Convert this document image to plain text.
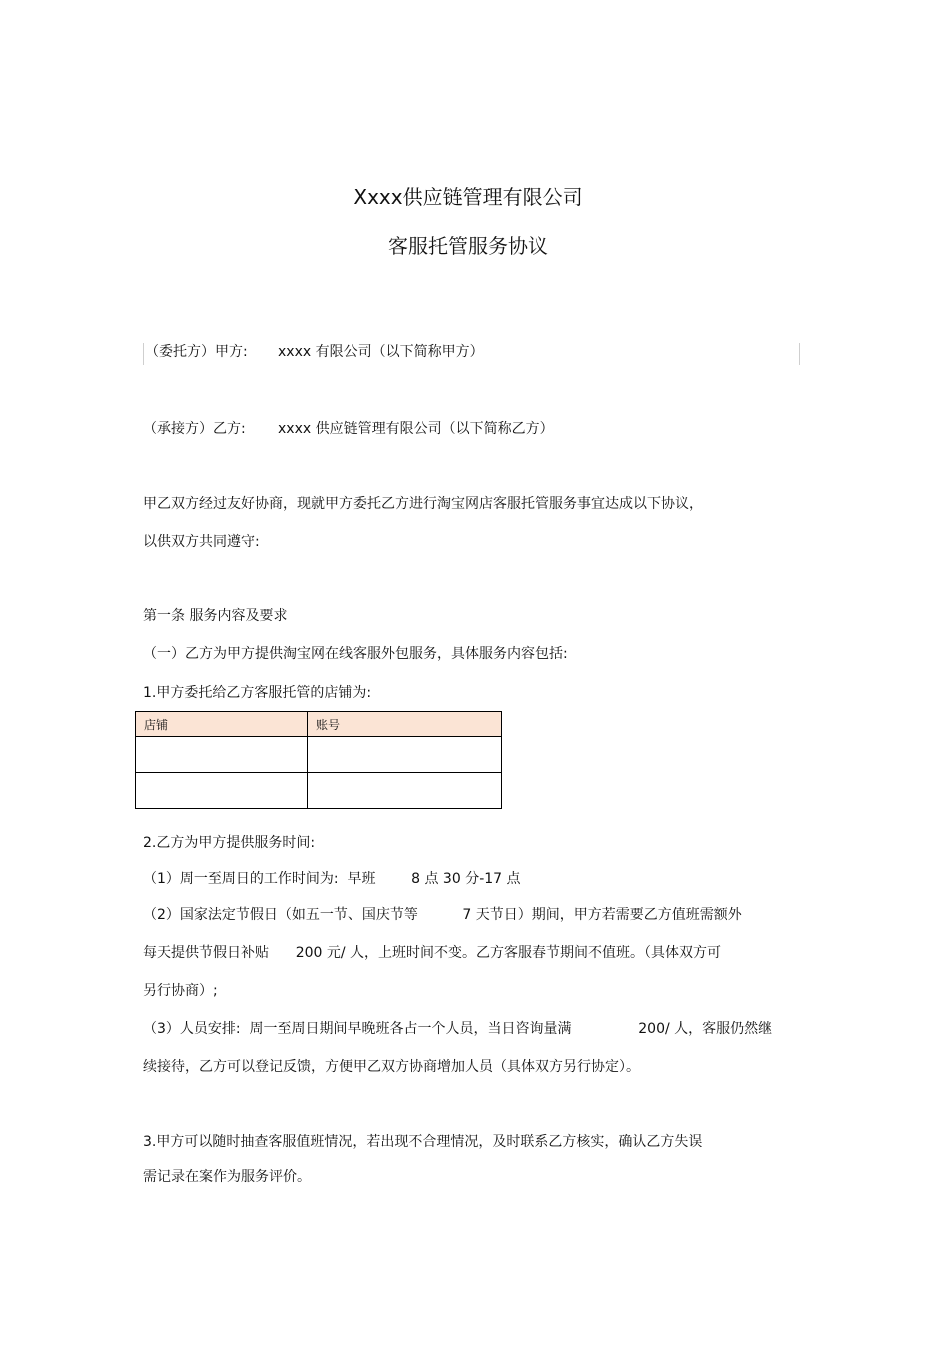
Xxxx供应链管理有限公司
客服托管服务协议
（委托方）甲方: xxxx 有限公司（以下简称甲方）
（承接方）乙方: xxxx 供应链管理有限公司（以下简称乙方）
甲乙双方经过友好协商，现就甲方委托乙方进行淘宝网店客服托管服务事宜达成以下协议，
以供双方共同遵守:
第一条 服务内容及要求
（一）乙方为甲方提供淘宝网在线客服外包服务，具体服务内容包括:
1.甲方委托给乙方客服托管的店铺为:
店铺	账号

2.乙方为甲方提供服务时间:
（1）周一至周日的工作时间为:  早班        8 点 30 分-17 点
（2）国家法定节假日（如五一节、国庆节等          7 天节日）期间，甲方若需要乙方值班需额外
每天提供节假日补贴      200 元/ 人，上班时间不变。乙方客服春节期间不值班。（具体双方可
另行协商）;
（3）人员安排:  周一至周日期间早晚班各占一个人员，当日咨询量满               200/ 人，客服仍然继
续接待，乙方可以登记反馈，方便甲乙双方协商增加人员（具体双方另行协定）。
3.甲方可以随时抽查客服值班情况，若出现不合理情况，及时联系乙方核实，确认乙方失误
需记录在案作为服务评价。
